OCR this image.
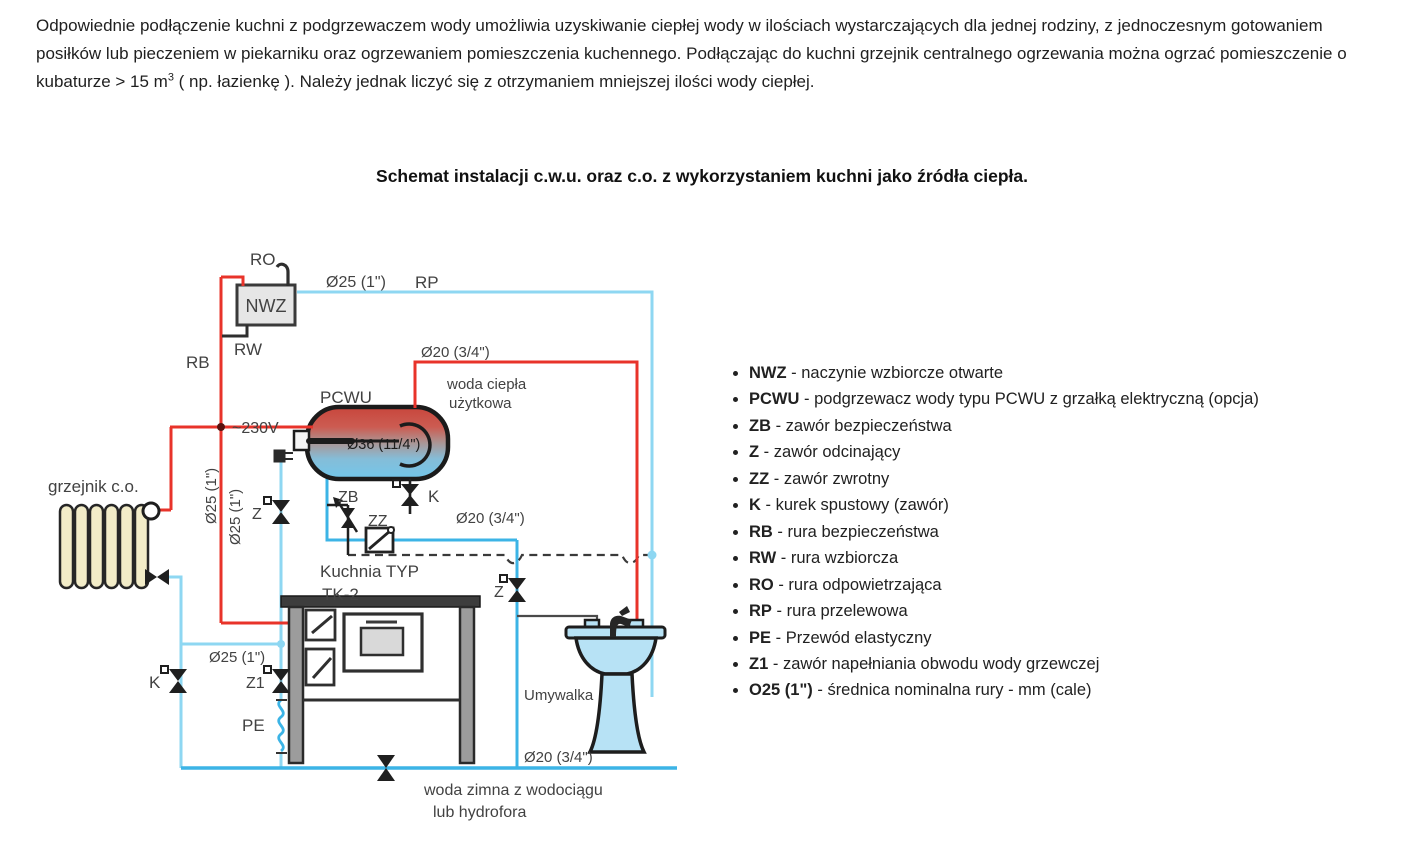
Odpowiednie podłączenie kuchni z podgrzewaczem wody umożliwia uzyskiwanie ciepłej wody w ilościach wystarczających dla jednej rodziny, z jednoczesnym gotowaniem posiłków lub pieczeniem w piekarniku oraz ogrzewaniem pomieszczenia kuchennego. Podłączając do kuchni grzejnik centralnego ogrzewania można ogrzać pomieszczenie o kubaturze > 15 $m^3$ ( np. łazienkę ). Należy jednak liczyć się z otrzymaniem mniejszej ilości wody ciepłej.

Schemat instalacji c.w.u. oraz c.o. z wykorzystaniem kuchni jako źródła ciepła.
RO
NWZ
RW
RB
Ø25 (1") RP
Ø20 (3/4")
woda ciepła
użytkowa
PCWU
~230V
Ø36 (11/4")
ZB	K
ZZ
Z
Ø25 (1") Ø25 (1")
grzejnik c.o.
Ø20 (3/4")
Kuchnia TYP
TK-2	Z
Ø25 (1")
K	Z1
PE
Umywalka
Ø20 (3/4")
woda zimna z wodociągu
lub hydrofora
• NWZ - naczynie wzbiorcze otwarte
• PCWU - podgrzewacz wody typu PCWU z grzałką elektryczną (opcja)
• ZB - zawór bezpieczeństwa
• Z - zawór odcinający
• ZZ - zawór zwrotny
• K - kurek spustowy (zawór)
• RB - rura bezpieczeństwa
• RW - rura wzbiorcza
• RO - rura odpowietrzająca
• RP - rura przelewowa
• PE - Przewód elastyczny
• Z1 - zawór napełniania obwodu wody grzewczej
• O25 (1") - średnica nominalna rury - mm (cale)
